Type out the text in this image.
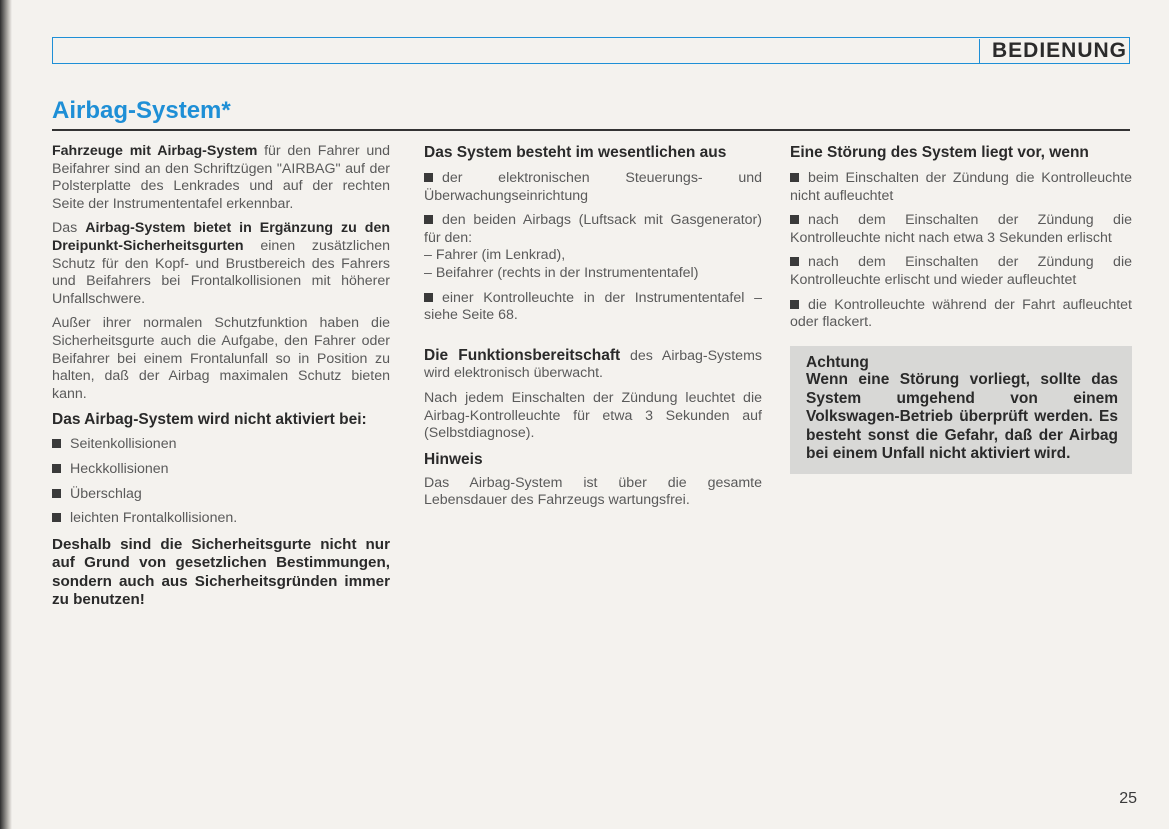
BEDIENUNG
Airbag-System*

Fahrzeuge mit Airbag-System für den Fahrer und Beifahrer sind an den Schriftzügen "AIRBAG" auf der Polsterplatte des Lenkrades und auf der rechten Seite der Instrumententafel erkennbar.

Das Airbag-System bietet in Ergänzung zu den Dreipunkt-Sicherheitsgurten einen zusätzlichen Schutz für den Kopf- und Brustbereich des Fahrers und Beifahrers bei Frontalkollisionen mit höherer Unfallschwere.

Außer ihrer normalen Schutzfunktion haben die Sicherheitsgurte auch die Aufgabe, den Fahrer oder Beifahrer bei einem Frontalunfall so in Position zu halten, daß der Airbag maximalen Schutz bieten kann.

Das Airbag-System wird nicht aktiviert bei:
Seitenkollisionen
Heckkollisionen
Überschlag
leichten Frontalkollisionen.

Deshalb sind die Sicherheitsgurte nicht nur auf Grund von gesetzlichen Bestimmungen, sondern auch aus Sicherheitsgründen immer zu benutzen!

Das System besteht im wesentlichen aus
der elektronischen Steuerungs- und Überwachungseinrichtung
den beiden Airbags (Luftsack mit Gasgenerator) für den:
– Fahrer (im Lenkrad),
– Beifahrer (rechts in der Instrumententafel)
einer Kontrolleuchte in der Instrumententafel – siehe Seite 68.

Die Funktionsbereitschaft des Airbag-Systems wird elektronisch überwacht.

Nach jedem Einschalten der Zündung leuchtet die Airbag-Kontrolleuchte für etwa 3 Sekunden auf (Selbstdiagnose).

Hinweis

Das Airbag-System ist über die gesamte Lebensdauer des Fahrzeugs wartungsfrei.

Eine Störung des System liegt vor, wenn
beim Einschalten der Zündung die Kontrolleuchte nicht aufleuchtet
nach dem Einschalten der Zündung die Kontrolleuchte nicht nach etwa 3 Sekunden erlischt
nach dem Einschalten der Zündung die Kontrolleuchte erlischt und wieder aufleuchtet
die Kontrolleuchte während der Fahrt aufleuchtet oder flackert.

Achtung

Wenn eine Störung vorliegt, sollte das System umgehend von einem Volkswagen-Betrieb überprüft werden. Es besteht sonst die Gefahr, daß der Airbag bei einem Unfall nicht aktiviert wird.

25
